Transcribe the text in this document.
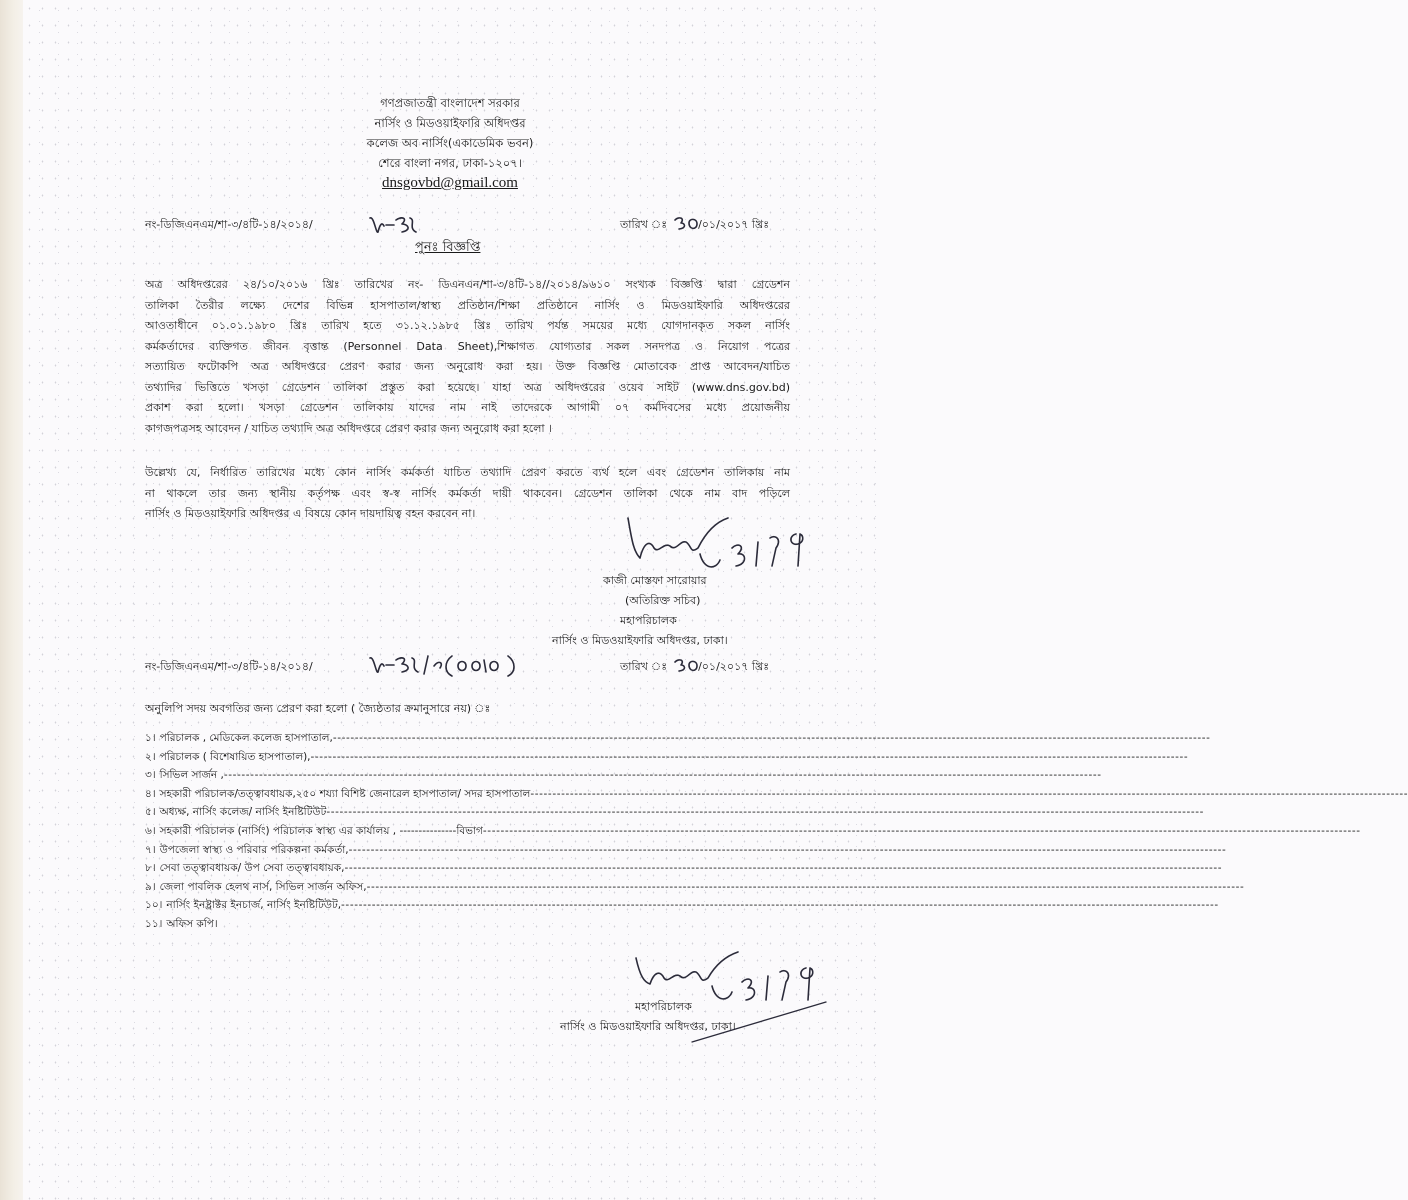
গণপ্রজাতন্ত্রী বাংলাদেশ সরকার
নার্সিং ও মিডওয়াইফারি অধিদপ্তর
কলেজ অব নার্সিং(একাডেমিক ভবন)
শেরে বাংলা নগর, ঢাকা-১২০৭।
dnsgovbd@gmail.com
নং-ডিজিএনএম/শা-৩/৪টি-১৪/২০১৪/	তারিখ ঃ	/০১/২০১৭ খ্রিঃ
পুনঃ বিজ্ঞপ্তি
অত্র অধিদপ্তরের ২৪/১০/২০১৬ খ্রিঃ তারিখের নং- ডিএনএন/শা-৩/৪টি-১৪//২০১৪/৯৬১০ সংখ্যক বিজ্ঞপ্তি দ্বারা গ্রেডেশন
তালিকা তৈরীর লক্ষ্যে দেশের বিভিন্ন হাসপাতাল/স্বাস্থ্য প্রতিষ্ঠান/শিক্ষা প্রতিষ্ঠানে নার্সিং ও মিডওয়াইফারি অধিদপ্তরের
আওতাধীনে ০১.০১.১৯৮০ খ্রিঃ তারিখ হতে ৩১.১২.১৯৮৫ খ্রিঃ তারিখ পর্যন্ত সময়ের মধ্যে যোগদানকৃত সকল নার্সিং
কর্মকর্তাদের ব্যক্তিগত জীবন বৃত্তান্ত (Personnel Data Sheet),শিক্ষাগত যোগ্যতার সকল সনদপত্র ও নিয়োগ পত্রের
সত্যায়িত ফটোকপি অত্র অধিদপ্তরে প্রেরণ করার জন্য অনুরোধ করা হয়। উক্ত বিজ্ঞপ্তি মোতাবেক প্রাপ্ত আবেদন/যাচিত
তথ্যাদির ভিত্তিতে খসড়া গ্রেডেশন তালিকা প্রস্তুত করা হয়েছে। যাহা অত্র অধিদপ্তরের ওয়েব সাইট (www.dns.gov.bd)
প্রকাশ করা হলো। খসড়া গ্রেডেশন তালিকায় যাদের নাম নাই তাদেরকে আগামী ০৭ কর্মদিবসের মধ্যে প্রয়োজনীয়
কাগজপত্রসহ আবেদন / যাচিত তথ্যাদি অত্র অধিদপ্তরে প্রেরণ করার জন্য অনুরোধ করা হলো ।
উল্লেখ্য যে, নির্ধারিত তারিখের মধ্যে কোন নার্সিং কর্মকর্তা যাচিত তথ্যাদি প্রেরণ করতে ব্যর্থ হলে এবং গ্রেডেশন তালিকায় নাম
না থাকলে তার জন্য স্থানীয় কর্তৃপক্ষ এবং স্ব-স্ব নার্সিং কর্মকর্তা দায়ী থাকবেন। গ্রেডেশন তালিকা থেকে নাম বাদ পড়িলে
নার্সিং ও মিডওয়াইফারি অধিদপ্তর এ বিষয়ে কোন দায়দায়িত্ব বহন করবেন না।
কাজী মোস্তফা সারোয়ার
(অতিরিক্ত সচিব)
মহাপরিচালক
নার্সিং ও মিডওয়াইফারি অধিদপ্তর, ঢাকা।
নং-ডিজিএনএম/শা-৩/৪টি-১৪/২০১৪/	তারিখ ঃ	/০১/২০১৭ খ্রিঃ
অনুলিপি সদয় অবগতির জন্য প্রেরণ করা হলো ( জ্যৈষ্ঠতার ক্রমানুসারে নয়) ঃ
১। পরিচালক , মেডিকেল কলেজ হাসপাতাল, --------------------------------------------------------------------------------------------------------------------------------------------------------------------------------------------------------
২। পরিচালক ( বিশেষায়িত হাসপাতাল), --------------------------------------------------------------------------------------------------------------------------------------------------------------------------------------------------------
৩। সিভিল সার্জন , --------------------------------------------------------------------------------------------------------------------------------------------------------------------------------------------------------
৪। সহকারী পরিচালক/তত্ত্বাবধায়ক,২৫০ শয্যা বিশিষ্ট জেনারেল হাসপাতাল/ সদর হাসপাতাল --------------------------------------------------------------------------------------------------------------------------------------------------------------------------------------------------------
৫। অধ্যক্ষ, নার্সিং কলেজ/ নার্সিং ইনষ্টিটিউট --------------------------------------------------------------------------------------------------------------------------------------------------------------------------------------------------------
৬। সহকারী পরিচালক (নার্সিং) পরিচালক স্বাস্থ্য এর কার্যালয় , ---------------বিভাগ --------------------------------------------------------------------------------------------------------------------------------------------------------------------------------------------------------
৭। উপজেলা স্বাস্থ্য ও পরিবার পরিকল্পনা কর্মকর্তা, --------------------------------------------------------------------------------------------------------------------------------------------------------------------------------------------------------
৮। সেবা তত্ত্বাবধায়ক/ উপ সেবা তত্ত্বাবধায়ক, --------------------------------------------------------------------------------------------------------------------------------------------------------------------------------------------------------
৯। জেলা পাবলিক হেলথ নার্স, সিভিল সার্জন অফিস, --------------------------------------------------------------------------------------------------------------------------------------------------------------------------------------------------------
১০। নার্সিং ইনষ্ট্রাক্টর ইনচার্জ, নার্সিং ইনষ্টিটিউট, --------------------------------------------------------------------------------------------------------------------------------------------------------------------------------------------------------
১১। অফিস কপি।
মহাপরিচালক
নার্সিং ও মিডওয়াইফারি অধিদপ্তর, ঢাকা।
